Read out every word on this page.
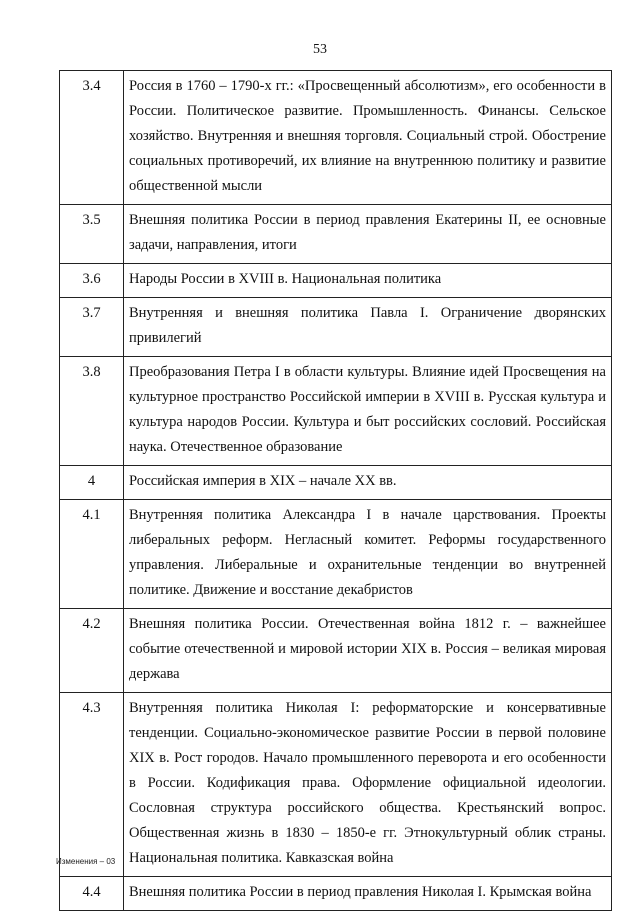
53
3.4	Россия в 1760 – 1790-х гг.: «Просвещенный абсолютизм», его особенности в России. Политическое развитие. Промышленность. Финансы. Сельское хозяйство. Внутренняя и внешняя торговля. Социальный строй. Обострение социальных противоречий, их влияние на внутреннюю политику и развитие общественной мысли
3.5	Внешняя политика России в период правления Екатерины II, ее основные задачи, направления, итоги
3.6	Народы России в XVIII в. Национальная политика
3.7	Внутренняя и внешняя политика Павла I. Ограничение дворянских привилегий
3.8	Преобразования Петра I в области культуры. Влияние идей Просвещения на культурное пространство Российской империи в XVIII в. Русская культура и культура народов России. Культура и быт российских сословий. Российская наука. Отечественное образование
4	Российская империя в XIX – начале XX вв.
4.1	Внутренняя политика Александра I в начале царствования. Проекты либеральных реформ. Негласный комитет. Реформы государственного управления. Либеральные и охранительные тенденции во внутренней политике. Движение и восстание декабристов
4.2	Внешняя политика России. Отечественная война 1812 г. – важнейшее событие отечественной и мировой истории XIX в. Россия – великая мировая держава
4.3	Внутренняя политика Николая I: реформаторские и консервативные тенденции. Социально-экономическое развитие России в первой половине XIX в. Рост городов. Начало промышленного переворота и его особенности в России. Кодификация права. Оформление официальной идеологии. Сословная структура российского общества. Крестьянский вопрос. Общественная жизнь в 1830 – 1850-е гг. Этнокультурный облик страны. Национальная политика. Кавказская война
4.4	Внешняя политика России в период правления Николая I. Крымская война
Изменения – 03
